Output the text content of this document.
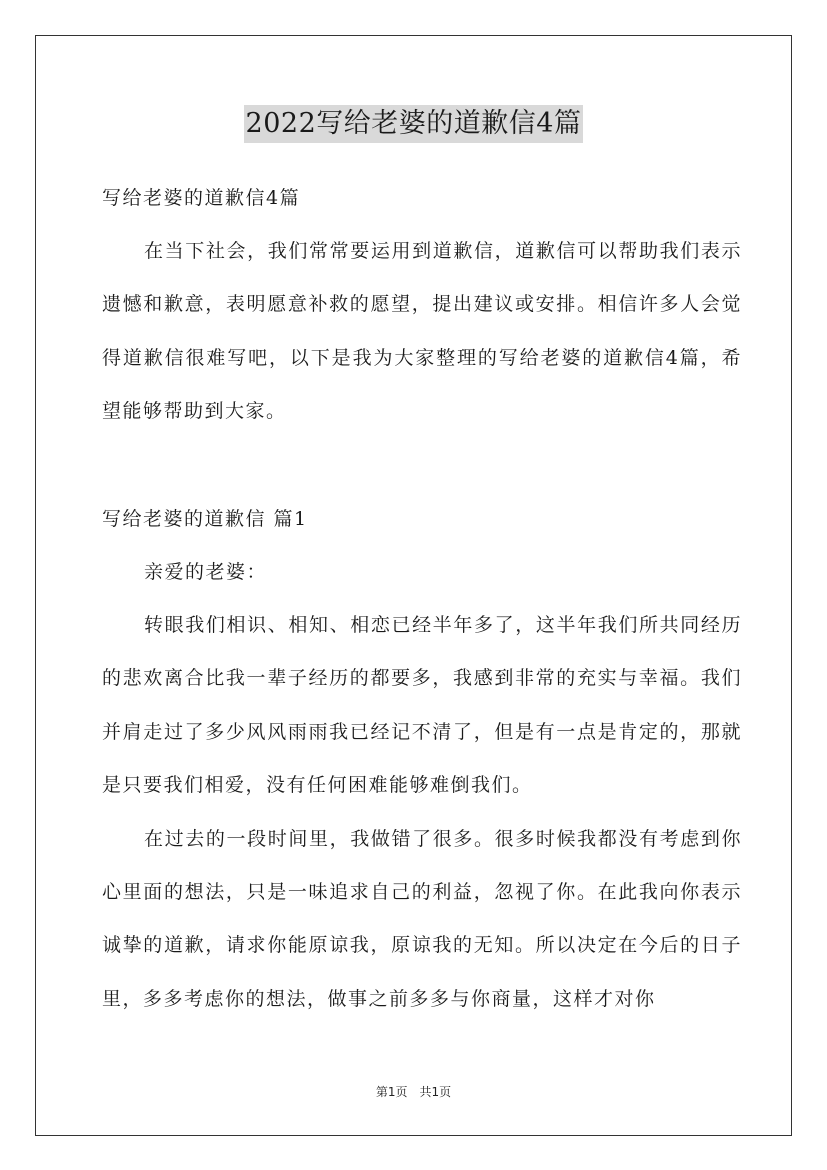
2022写给老婆的道歉信4篇

写给老婆的道歉信4篇

在当下社会，我们常常要运用到道歉信，道歉信可以帮助我们表示遗憾和歉意，表明愿意补救的愿望，提出建议或安排。相信许多人会觉得道歉信很难写吧，以下是我为大家整理的写给老婆的道歉信4篇，希望能够帮助到大家。

写给老婆的道歉信 篇1

亲爱的老婆：

转眼我们相识、相知、相恋已经半年多了，这半年我们所共同经历的悲欢离合比我一辈子经历的都要多，我感到非常的充实与幸福。我们并肩走过了多少风风雨雨我已经记不清了，但是有一点是肯定的，那就是只要我们相爱，没有任何困难能够难倒我们。

在过去的一段时间里，我做错了很多。很多时候我都没有考虑到你心里面的想法，只是一味追求自己的利益，忽视了你。在此我向你表示诚挚的道歉，请求你能原谅我，原谅我的无知。所以决定在今后的日子里，多多考虑你的想法，做事之前多多与你商量，这样才对你

第1页 共1页
